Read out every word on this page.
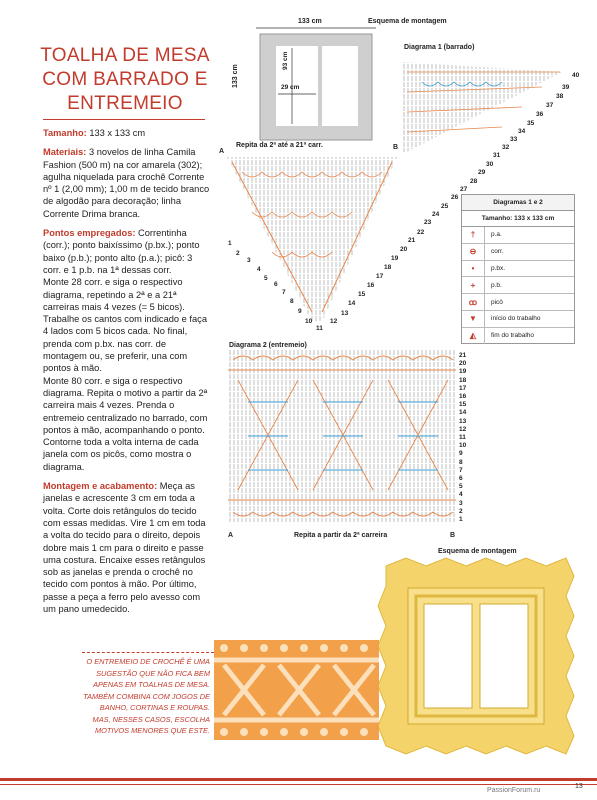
TOALHA DE MESA
COM BARRADO E
ENTREMEIO

Tamanho: 133 x 133 cm

Materiais: 3 novelos de linha Camila Fashion (500 m) na cor amarela (302); agulha niquelada para crochê Corrente nº 1 (2,00 mm); 1,00 m de tecido branco de algodão para decoração; linha Corrente Drima branca.

Pontos empregados: Correntinha (corr.); ponto baixíssimo (p.bx.); ponto baixo (p.b.); ponto alto (p.a.); picô: 3 corr. e 1 p.b. na 1ª dessas corr.

Monte 28 corr. e siga o respectivo diagrama, repetindo a 2ª e a 21ª carreiras mais 4 vezes (= 5 bicos). Trabalhe os cantos com indicado e faça 4 lados com 5 bicos cada. No final, prenda com p.bx. nas corr. de montagem ou, se preferir, una com pontos à mão.

Monte 80 corr. e siga o respectivo diagrama. Repita o motivo a partir da 2ª carreira mais 4 vezes. Prenda o entremeio centralizado no barrado, com pontos à mão, acompanhando o ponto. Contorne toda a volta interna de cada janela com os picôs, como mostra o diagrama.

Montagem e acabamento: Meça as janelas e acrescente 3 cm em toda a volta. Corte dois retângulos do tecido com essas medidas. Vire 1 cm em toda a volta do tecido para o direito, depois dobre mais 1 cm para o direito e passe uma costura. Encaixe esses retângulos sob as janelas e prenda o crochê no tecido com pontos à mão. Por último, passe a peça a ferro pelo avesso com um pano umedecido.

O ENTREMEIO DE CROCHÊ É UMA SUGESTÃO QUE NÃO FICA BEM APENAS EM TOALHAS DE MESA. TAMBÉM COMBINA COM JOGOS DE BANHO, CORTINAS E ROUPAS. MAS, NESSES CASOS, ESCOLHA MOTIVOS MENORES QUE ESTE.
133 cm	Esquema de montagem
133 cm
93 cm
29 cm
Diagrama 1 (barrado)
Repita da 2ª até a 21ª carr.
A
B
40
39
38
37
36
35
34
33
32
31
30
29
28
27
26
25
24
23
22
21
20
19
18
17
16
15
14
13
12
11
10
9
8
7
6
5
4
3
2
1
Diagramas 1 e 2
Tamanho: 133 x 133 cm
†	p.a.
⊖	corr.
•	p.bx.
+	p.b.
ꝏ	picô
▼	início do trabalho
◭	fim do trabalho
Diagrama 2 (entremeio)
21
20
19
18
17
16
15
14
13
12
11
10
9
8
7
6
5
4
3
2
1
A	Repita a partir da 2ª carreira	B
Esquema de montagem
13
PassionForum.ru
